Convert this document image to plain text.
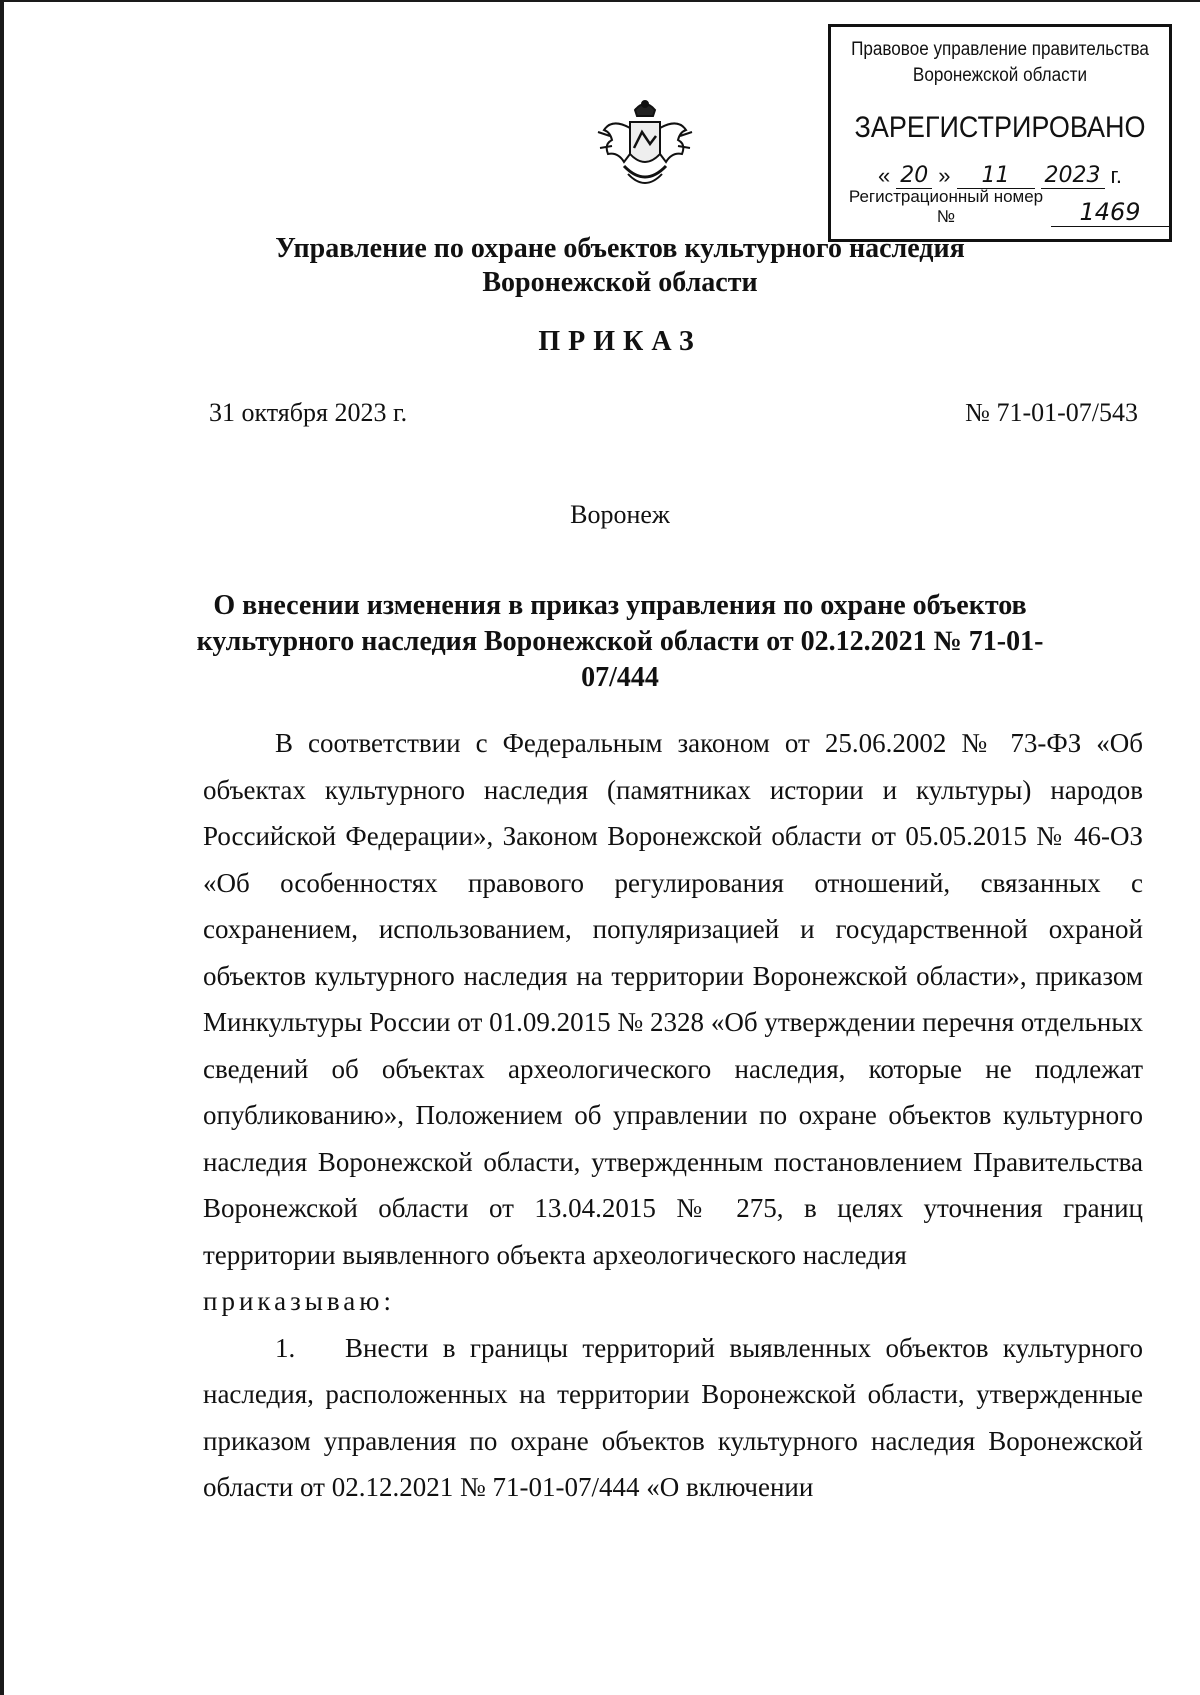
Правовое управление правительства
Воронежской области
ЗАРЕГИСТРИРОВАНО
« 20 »	11	2023 г.
Регистрационный номер №	1469
Управление по охране объектов культурного наследия
Воронежской области
ПРИКАЗ
31 октября 2023 г.	№ 71-01-07/543
Воронеж
О внесении изменения в приказ управления по охране объектов
культурного наследия Воронежской области от 02.12.2021 № 71-01-07/444

В соответствии с Федеральным законом от 25.06.2002 № 73-ФЗ «Об объектах культурного наследия (памятниках истории и культуры) народов Российской Федерации», Законом Воронежской области от 05.05.2015 № 46-ОЗ «Об особенностях правового регулирования отношений, связанных с сохранением, использованием, популяризацией и государственной охраной объектов культурного наследия на территории Воронежской области», приказом Минкультуры России от 01.09.2015 № 2328 «Об утверждении перечня отдельных сведений об объектах археологического наследия, которые не подлежат опубликованию», Положением об управлении по охране объектов культурного наследия Воронежской области, утвержденным постановлением Правительства Воронежской области от 13.04.2015 № 275, в целях уточнения границ территории выявленного объекта археологического наследия

приказываю:

1. Внести в границы территорий выявленных объектов культурного наследия, расположенных на территории Воронежской области, утвержденные приказом управления по охране объектов культурного наследия Воронежской области от 02.12.2021 № 71-01-07/444 «О включении
